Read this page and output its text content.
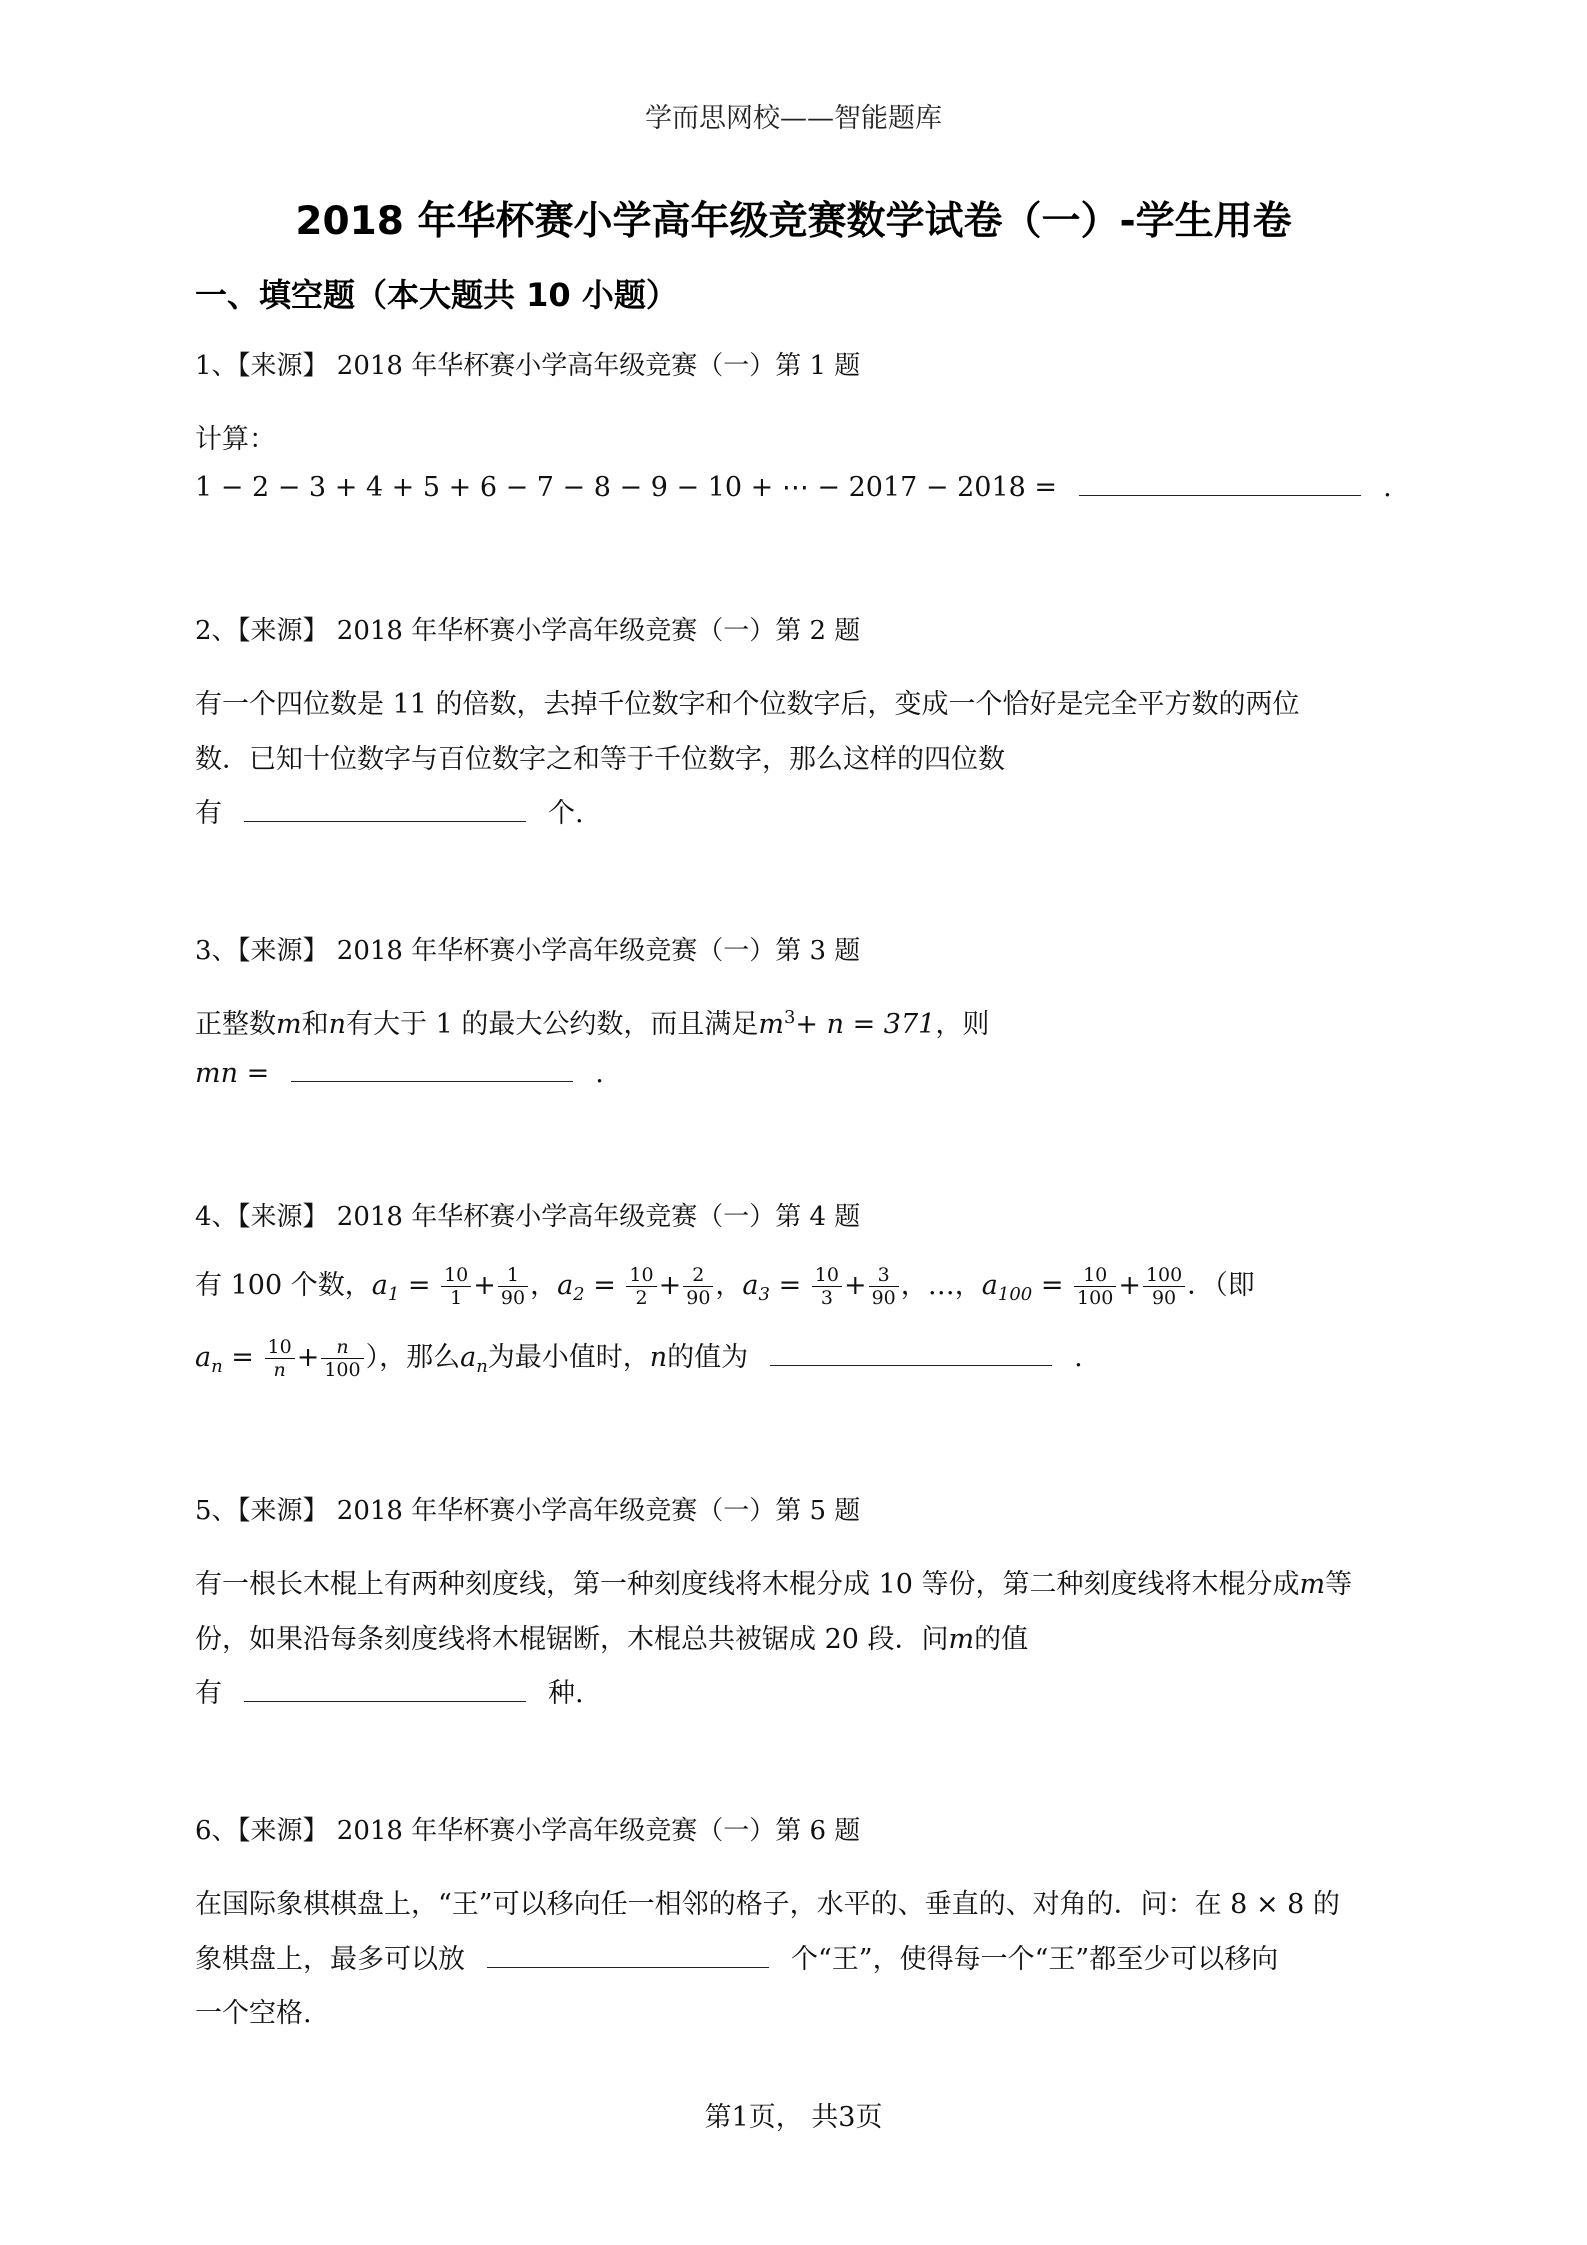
学而思网校——智能题库
2018 年华杯赛小学高年级竞赛数学试卷（一）-学生用卷
一、填空题（本大题共 10 小题）
1、【来源】 2018 年华杯赛小学高年级竞赛（一）第 1 题
计算：
1 − 2 − 3 + 4 + 5 + 6 − 7 − 8 − 9 − 10 + ⋯ − 2017 − 2018 =	.
2、【来源】 2018 年华杯赛小学高年级竞赛（一）第 2 题
有一个四位数是 11 的倍数，去掉千位数字和个位数字后，变成一个恰好是完全平方数的两位
数．已知十位数字与百位数字之和等于千位数字，那么这样的四位数
有	个.
3、【来源】 2018 年华杯赛小学高年级竞赛（一）第 3 题
正整数m和n有大于 1 的最大公约数，而且满足$m^3+ n = 371$，则
mn =	.
4、【来源】 2018 年华杯赛小学高年级竞赛（一）第 4 题
有 100 个数，$a_1 = \frac{10}{1} + \frac{1}{90}$ ，$a_2 = \frac{10}{2} + \frac{2}{90}$ ，$a_3 = \frac{10}{3} + \frac{3}{90}$ ，…，$a_{100} = \frac{10}{100} + \frac{100}{90}$ ．（即
$a_n = \frac{10}{n} + \frac{n}{100}$ ），那么$a_n$为最小值时，n的值为	.
5、【来源】 2018 年华杯赛小学高年级竞赛（一）第 5 题
有一根长木棍上有两种刻度线，第一种刻度线将木棍分成 10 等份，第二种刻度线将木棍分成m等
份，如果沿每条刻度线将木棍锯断，木棍总共被锯成 20 段．问m的值
有	种.
6、【来源】 2018 年华杯赛小学高年级竞赛（一）第 6 题
在国际象棋棋盘上，“王”可以移向任一相邻的格子，水平的、垂直的、对角的．问：在 8 × 8 的
象棋盘上，最多可以放	个“王”，使得每一个“王”都至少可以移向
一个空格.
第1页， 共3页
